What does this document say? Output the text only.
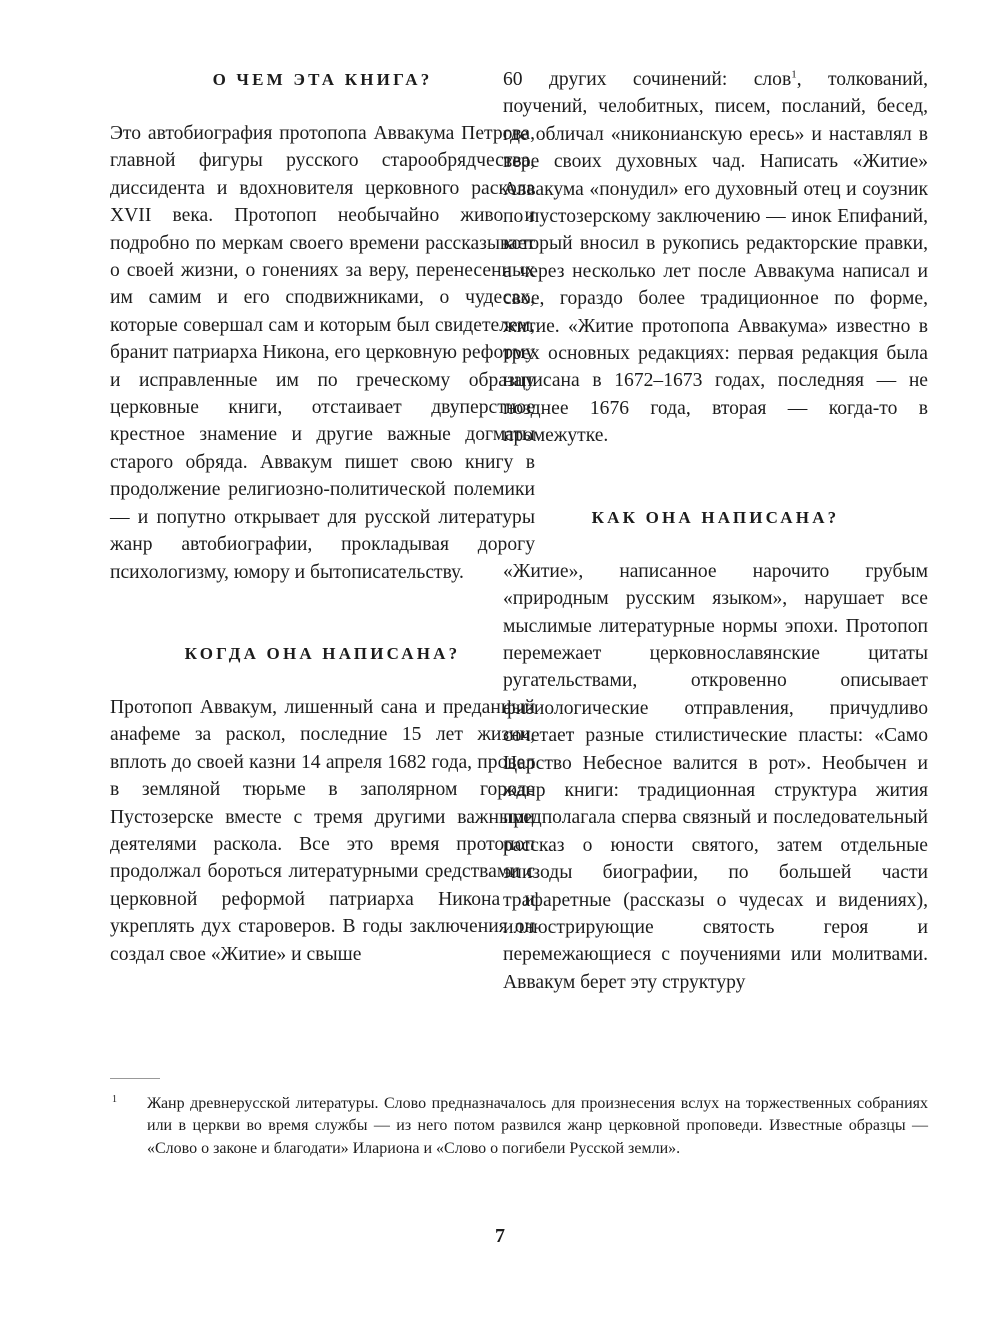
О ЧЕМ ЭТА КНИГА?

Это автобиография протопопа Аввакума Петрова, главной фигуры русского старообрядчества, диссидента и вдохновителя церковного раскола XVII века. Протопоп необычайно живо и подробно по меркам своего времени рассказывает о своей жизни, о гонениях за веру, перенесенных им самим и его сподвижниками, о чудесах, которые совершал сам и которым был свидетелем, бранит патриарха Никона, его церковную реформу и исправленные им по греческому образцу церковные книги, отстаивает двуперстное крестное знамение и другие важные догматы старого обряда. Аввакум пишет свою книгу в продолжение религиозно-политической полемики — и попутно открывает для русской литературы жанр автобиографии, прокладывая дорогу психологизму, юмору и бытописательству.

КОГДА ОНА НАПИСАНА?

Протопоп Аввакум, лишенный сана и преданный анафеме за раскол, последние 15 лет жизни, вплоть до своей казни 14 апреля 1682 года, провел в земляной тюрьме в заполярном городе Пустозерске вместе с тремя другими важными деятелями раскола. Все это время протопоп продолжал бороться литературными средствами с церковной реформой патриарха Никона и укреплять дух староверов. В годы заключения он создал свое «Житие» и свыше

60 других сочинений: слов$^1$, толкований, поучений, челобитных, писем, посланий, бесед, где обличал «никонианскую ересь» и наставлял в вере своих духовных чад. Написать «Житие» Аввакума «понудил» его духовный отец и соузник по пустозерскому заключению — инок Епифаний, который вносил в рукопись редакторские правки, а через несколько лет после Аввакума написал и свое, гораздо более традиционное по форме, житие. «Житие протопопа Аввакума» известно в трех основных редакциях: первая редакция была написана в 1672–1673 годах, последняя — не позднее 1676 года, вторая — когда-то в промежутке.

КАК ОНА НАПИСАНА?

«Житие», написанное нарочито грубым «природным русским языком», нарушает все мыслимые литературные нормы эпохи. Протопоп перемежает церковнославянские цитаты ругательствами, откровенно описывает физиологические отправления, причудливо сочетает разные стилистические пласты: «Само Царство Небесное валится в рот». Необычен и жанр книги: традиционная структура жития предполагала сперва связный и последовательный рассказ о юности святого, затем отдельные эпизоды биографии, по большей части трафаретные (рассказы о чудесах и видениях), иллюстрирующие святость героя и перемежающиеся с поучениями или молитвами. Аввакум берет эту структуру

1 Жанр древнерусской литературы. Слово предназначалось для произнесения вслух на торжественных собраниях или в церкви во время службы — из него потом развился жанр церковной проповеди. Известные образцы — «Слово о законе и благодати» Илариона и «Слово о погибели Русской земли».

7
